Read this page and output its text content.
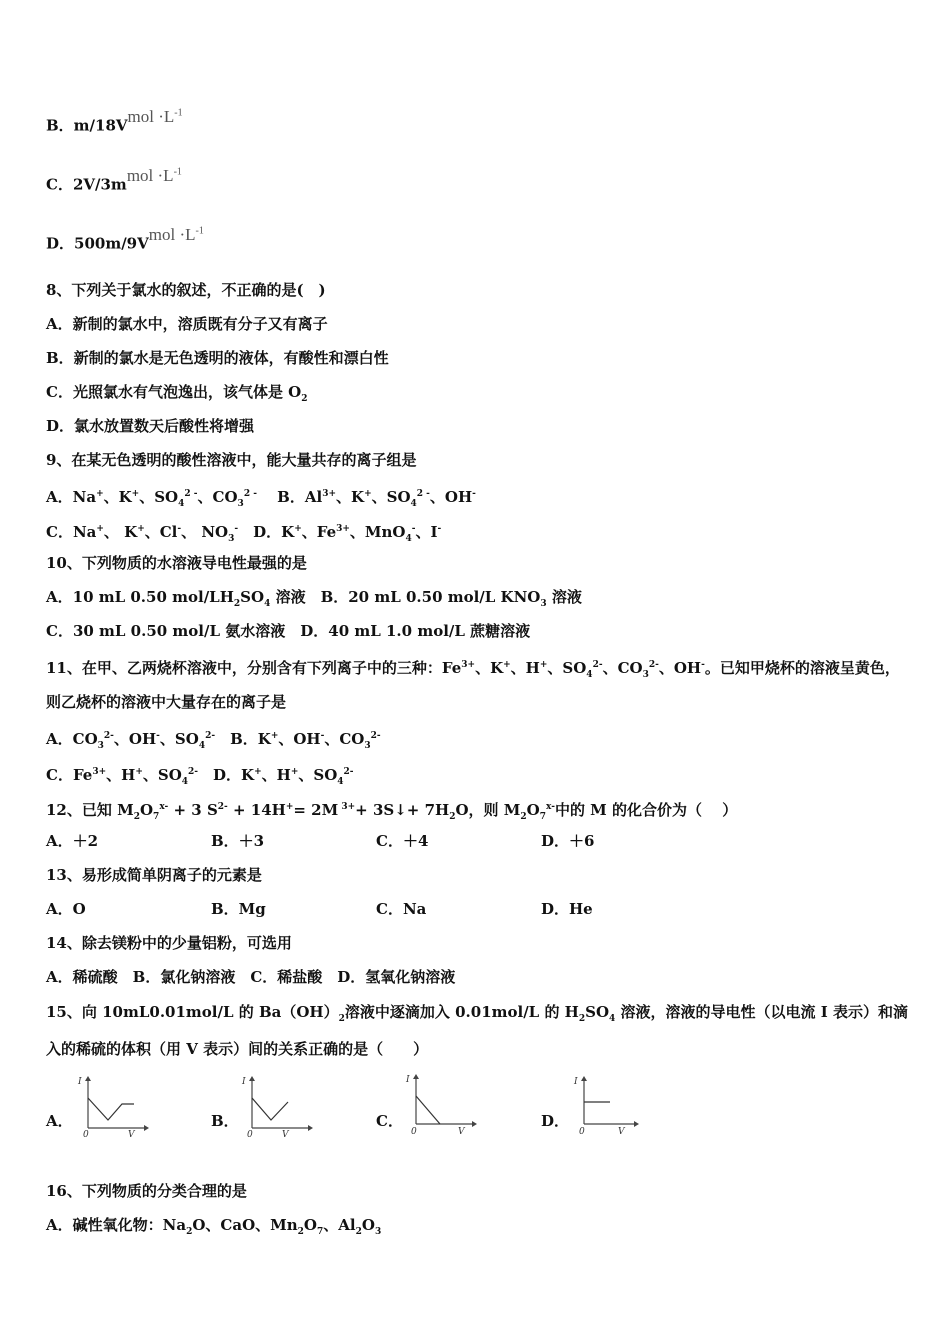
B．m/18Vmol $\cdot L^{-1}$
C．2V/3mmol $\cdot L^{-1}$
D．500m/9Vmol $\cdot L^{-1}$
8、下列关于氯水的叙述，不正确的是(　)
A．新制的氯水中，溶质既有分子又有离子
B．新制的氯水是无色透明的液体，有酸性和漂白性
C．光照氯水有气泡逸出，该气体是 $O_2$
D．氯水放置数天后酸性将增强
9、在某无色透明的酸性溶液中，能大量共存的离子组是
A．Na+、K+、$SO_4^{2 -}$、$CO_3^{2 -}$　 B．$Al^{3+}$、K+、$SO_4^{2 -}$、OH-
C．Na+、 K+、Cl-、 $NO_3^-$　D．K+、$Fe^{3+}$、MnO$_4$-、I-
10、下列物质的水溶液导电性最强的是
A．10 mL 0.50 mol/$LH_2SO_4$ 溶液　B．20 mL 0.50 mol/L $KNO_3$ 溶液
C．30 mL 0.50 mol/L 氨水溶液　D．40 mL 1.0 mol/L 蔗糖溶液
11、在甲、乙两烧杯溶液中，分别含有下列离子中的三种：$Fe^{3+}$、K+、H+、$SO_4^{2-}$、$CO_3^{2-}$、OH-。已知甲烧杯的溶液呈黄色，
则乙烧杯的溶液中大量存在的离子是
A．$CO_3^{2-}$、OH-、$SO_4^{2-}$　B．K+、OH-、$CO_3^{2-}$
C．$Fe^{3+}$、H+、$SO_4^{2-}$　D．K+、H+、$SO_4^{2-}$
12、已知 $M_2O_7^{x-} + 3$ $S^{2-} + 14H^+= 2M$ $^{3+}$+ 3S↓+ $7H_2O$，则 $M_2O_7^{x-}$中的 M 的化合价为（　 ）
A．＋2	B．＋3	C．＋4	D．＋6
13、易形成简单阴离子的元素是
A．O	B．Mg	C．Na	D．He
14、除去镁粉中的少量铝粉，可选用
A．稀硫酸　B．氯化钠溶液　C．稀盐酸　D．氢氧化钠溶液
15、向 10mL0.01mol/L 的 $Ba(OH)_2$溶液中逐滴加入 0.01mol/L 的 $H_2SO_4$ 溶液，溶液的导电性（以电流 I 表示）和滴
入的稀硫的体积（用 V 表示）间的关系正确的是（　　）
A．
I
0	V
B．
I
0	V
C．
I
0	V
D．
I
0	V
16、下列物质的分类合理的是
A．碱性氧化物：$Na_2O$、CaO、$Mn_2O_7$、$Al_2O_3$
